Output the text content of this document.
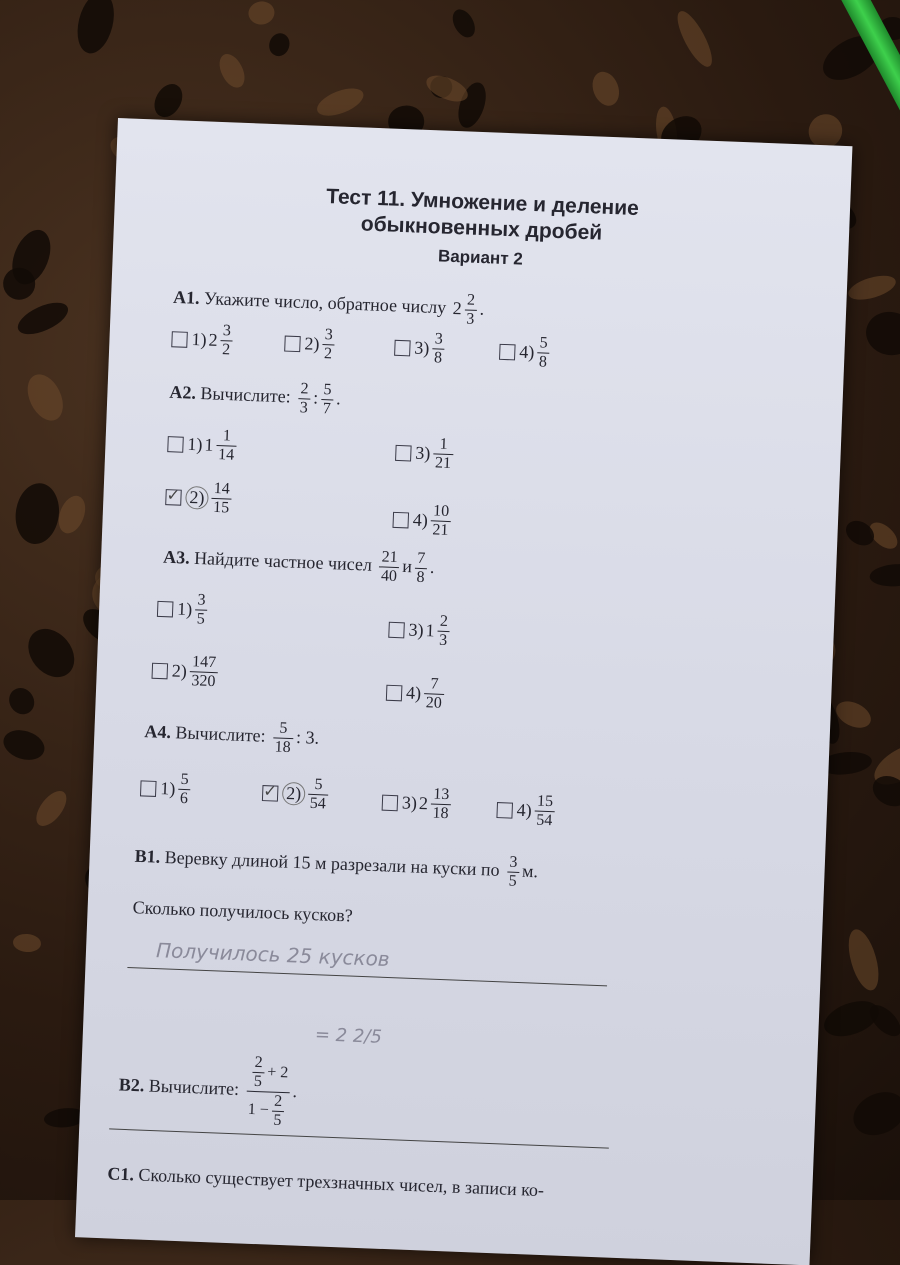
Тест 11. Умножение и деление

обыкновенных дробей

Вариант 2
А1. Укажите число, обратное числу $2 \frac{2}{3}$ .
1) $2 \frac{3}{2}$	$2) \frac{3}{2}$	$3) \frac{3}{8}$	$4) \frac{5}{8}$
А2. Вычислите: $\frac{2}{3}$ : $\frac{5}{7}$ .
1) $1 \frac{1}{14}$	$3) \frac{1}{21}$
✓
$2) \frac{14}{15}$
$4) \frac{10}{21}$
А3. Найдите частное чисел $\frac{21}{40}$ и $\frac{7}{8}$ .
$1) \frac{3}{5}$
3) $1 \frac{2}{3}$
$2) \frac{147}{320}$
$4) \frac{7}{20}$
А4. Вычислите: $\frac{5}{18}$ : 3.
$1) \frac{5}{6}$
✓	$2) \frac{5}{54}$	3) $2 \frac{13}{18}$	$4) \frac{15}{54}$
В1. Веревку длиной 15 м разрезали на куски по $\frac{3}{5} м$.
Сколько получилось кусков?
Получилось 25 кусков
В2. Вычислите: $\frac{\frac{2}{5} + 2}{1 - \frac{2}{5}}$ .
= 2 2/5
С1. Сколько существует трехзначных чисел, в записи ко-
